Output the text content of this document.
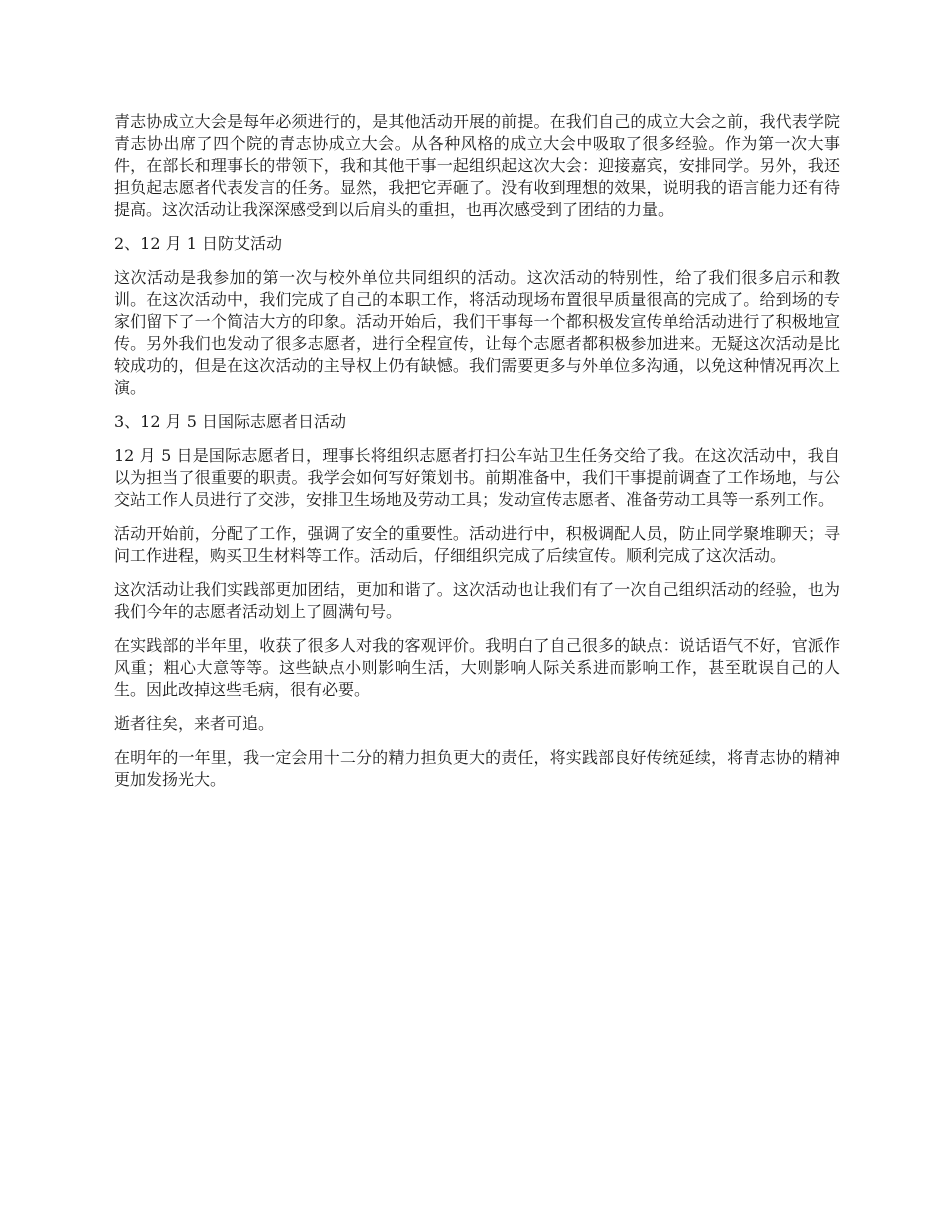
青志协成立大会是每年必须进行的，是其他活动开展的前提。在我们自己的成立大会之前，我代表学院青志协出席了四个院的青志协成立大会。从各种风格的成立大会中吸取了很多经验。作为第一次大事件，在部长和理事长的带领下，我和其他干事一起组织起这次大会：迎接嘉宾，安排同学。另外，我还担负起志愿者代表发言的任务。显然，我把它弄砸了。没有收到理想的效果，说明我的语言能力还有待提高。这次活动让我深深感受到以后肩头的重担，也再次感受到了团结的力量。

2、12 月 1 日防艾活动

这次活动是我参加的第一次与校外单位共同组织的活动。这次活动的特别性，给了我们很多启示和教训。在这次活动中，我们完成了自己的本职工作，将活动现场布置很早质量很高的完成了。给到场的专家们留下了一个简洁大方的印象。活动开始后，我们干事每一个都积极发宣传单给活动进行了积极地宣传。另外我们也发动了很多志愿者，进行全程宣传，让每个志愿者都积极参加进来。无疑这次活动是比较成功的，但是在这次活动的主导权上仍有缺憾。我们需要更多与外单位多沟通，以免这种情况再次上演。

3、12 月 5 日国际志愿者日活动

12 月 5 日是国际志愿者日，理事长将组织志愿者打扫公车站卫生任务交给了我。在这次活动中，我自以为担当了很重要的职责。我学会如何写好策划书。前期准备中，我们干事提前调查了工作场地，与公交站工作人员进行了交涉，安排卫生场地及劳动工具；发动宣传志愿者、准备劳动工具等一系列工作。

活动开始前，分配了工作，强调了安全的重要性。活动进行中，积极调配人员，防止同学聚堆聊天；寻问工作进程，购买卫生材料等工作。活动后，仔细组织完成了后续宣传。顺利完成了这次活动。

这次活动让我们实践部更加团结，更加和谐了。这次活动也让我们有了一次自己组织活动的经验，也为我们今年的志愿者活动划上了圆满句号。

在实践部的半年里，收获了很多人对我的客观评价。我明白了自己很多的缺点：说话语气不好，官派作风重；粗心大意等等。这些缺点小则影响生活，大则影响人际关系进而影响工作，甚至耽误自己的人生。因此改掉这些毛病，很有必要。

逝者往矣，来者可追。

在明年的一年里，我一定会用十二分的精力担负更大的责任，将实践部良好传统延续，将青志协的精神更加发扬光大。
